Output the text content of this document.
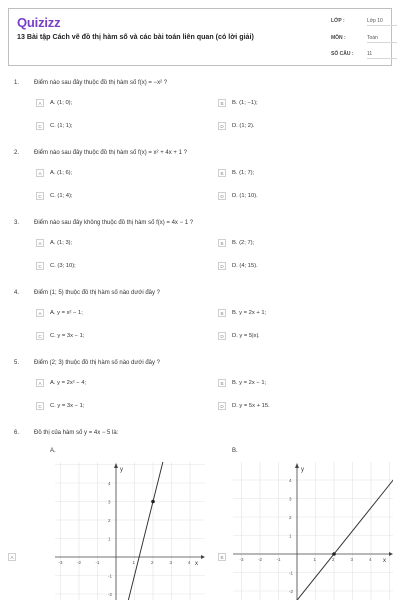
Quizizz
13 Bài tập Cách vẽ đồ thị hàm số và các bài toán liên quan (có lời giải)
LỚP :	Lớp 10
MÔN :	Toán
SỐ CÂU :	11
1.	Điểm nào sau đây thuộc đồ thị hàm số f(x) = −x² ?
A	A. (1; 0);	B	B. (1; −1);
C	C. (1; 1);	D	D. (1; 2).
2.	Điểm nào sau đây thuộc đồ thị hàm số f(x) = x² + 4x + 1 ?
A	A. (1; 6);	B	B. (1; 7);
C	C. (1; 4);	D	D. (1; 10).
3.	Điểm nào sau đây không thuộc đồ thị hàm số f(x) = 4x − 1 ?
A	A. (1; 3);	B	B. (2; 7);
C	C. (3; 10);	D	D. (4; 15).
4.	Điểm (1; 5) thuộc đồ thị hàm số nào dưới đây ?
A	A. y = x² − 1;	B	B. y = 2x + 1;
C	C. y = 3x − 1;	D	D. y = 5|x|.
5.	Điểm (2; 3) thuộc đồ thị hàm số nào dưới đây ?
A	A. y = 2x² − 4;	B	B. y = 2x − 1;
C	C. y = 3x − 1;	D	D. y = 5x + 15.
6.	Đồ thị của hàm số y = 4x − 5 là:
A.	B.
A	B
x
y
-3	-2	-1	1	2	3	4
4
3
2
1
-1
-2
x
y
-3	-2	-1	1	2	3	4
4
3
2
1
-1
-2
